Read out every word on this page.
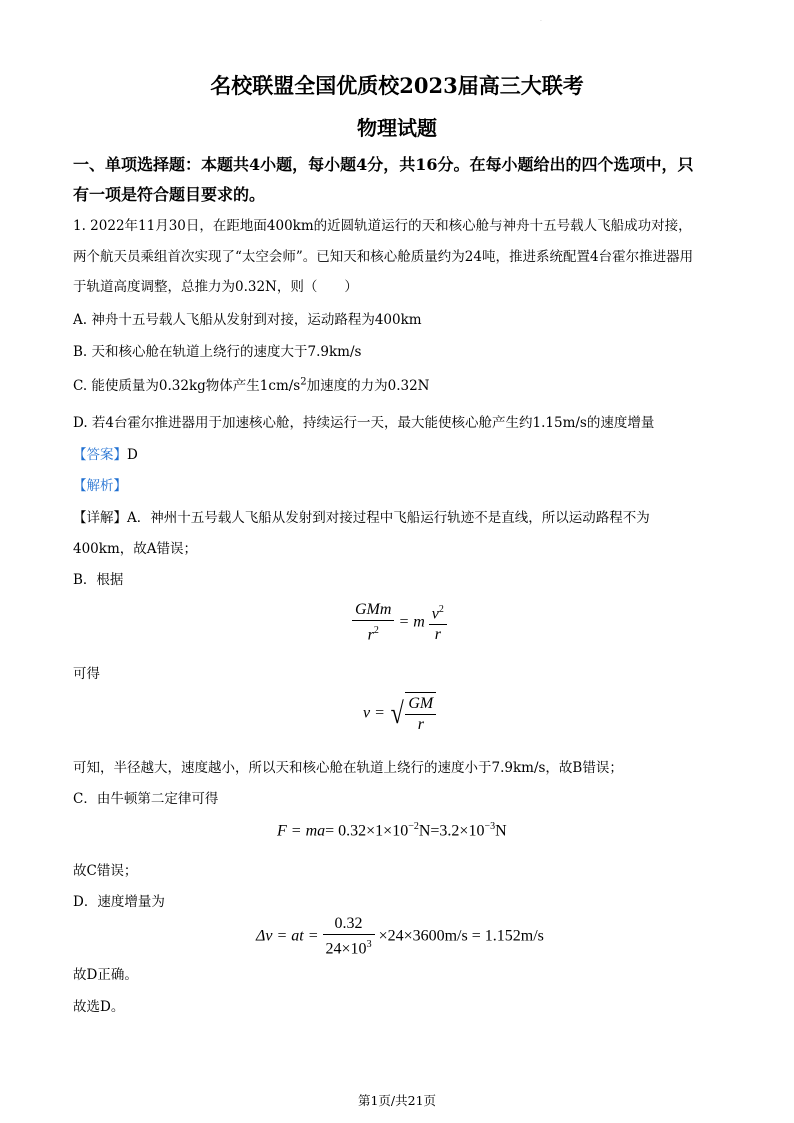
.
名校联盟全国优质校2023届高三大联考
物理试题
一、单项选择题：本题共4小题，每小题4分，共16分。在每小题给出的四个选项中，只
有一项是符合题目要求的。
1. 2022年11月30日，在距地面400km的近圆轨道运行的天和核心舱与神舟十五号载人飞船成功对接，
两个航天员乘组首次实现了“太空会师”。已知天和核心舱质量约为24吨，推进系统配置4台霍尔推进器用
于轨道高度调整，总推力为0.32N，则（　　）
A. 神舟十五号载人飞船从发射到对接，运动路程为400km
B. 天和核心舱在轨道上绕行的速度大于7.9km/s
C. 能使质量为0.32kg物体产生$1cm/s^2$加速度的力为0.32N
D. 若4台霍尔推进器用于加速核心舱，持续运行一天，最大能使核心舱产生约1.15m/s的速度增量
【答案】D
【解析】
【详解】A．神州十五号载人飞船从发射到对接过程中飞船运行轨迹不是直线，所以运动路程不为
400km，故A错误；
B．根据
$\frac{\text{GMm}}{r^2} = m \frac{v^2}{r}$
可得
v = √ $\frac{GM}{r}$
可知，半径越大，速度越小，所以天和核心舱在轨道上绕行的速度小于7.9km/s，故B错误；
C．由牛顿第二定律可得
$F = ma= 0.32\times 1\times 10^{-2}N=3.2\times 10^{-3}N$
故C错误；
D．速度增量为
Δv = at = $\frac{0.32}{24\times 10^3} \times 24\times 3600m/s = 1.152m/s$
故D正确。
故选D。
第1页/共21页
